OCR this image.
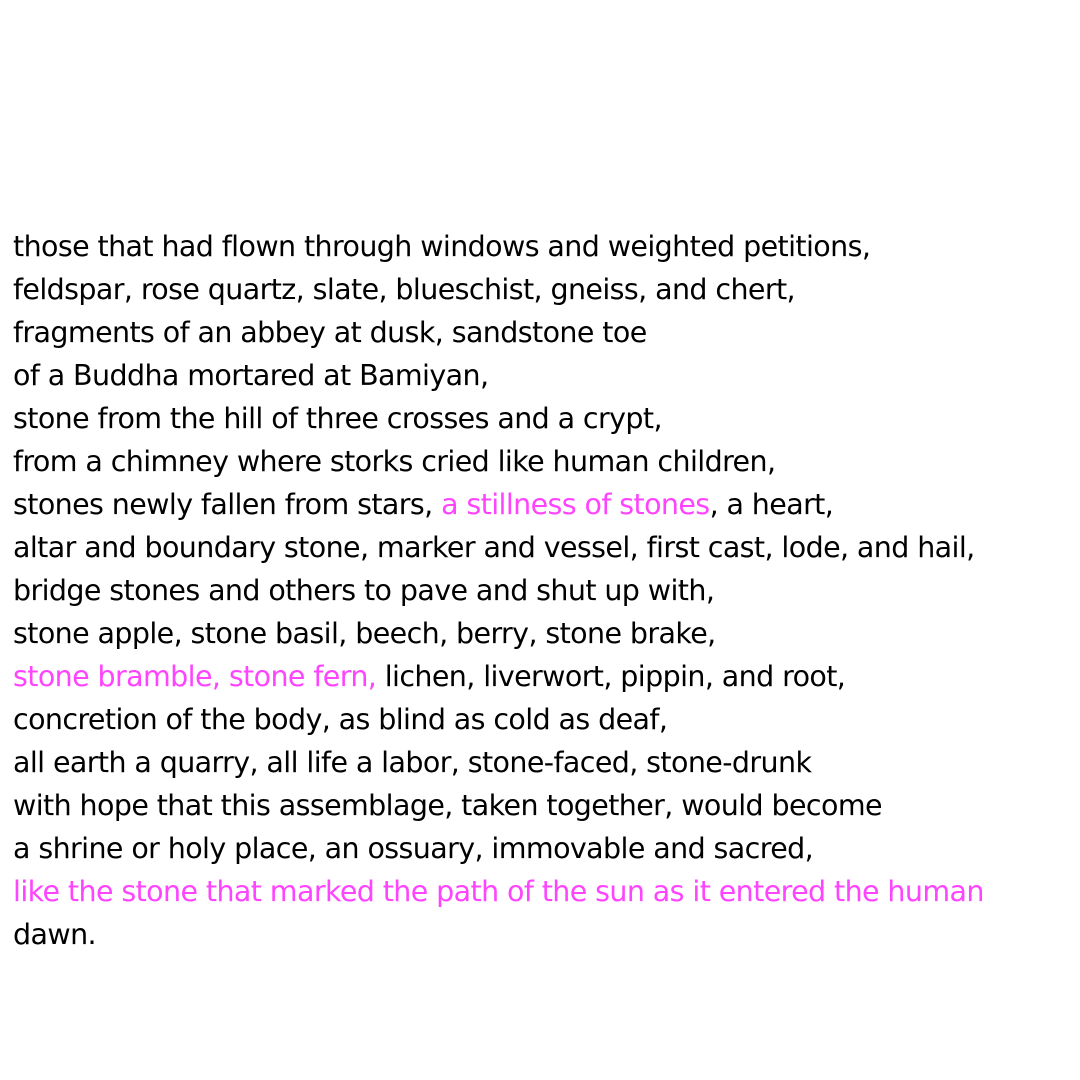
those that had flown through windows and weighted petitions,
feldspar, rose quartz, slate, blueschist, gneiss, and chert,
fragments of an abbey at dusk, sandstone toe
of a Buddha mortared at Bamiyan,
stone from the hill of three crosses and a crypt,
from a chimney where storks cried like human children,
stones newly fallen from stars, a stillness of stones, a heart,
altar and boundary stone, marker and vessel, first cast, lode, and hail,
bridge stones and others to pave and shut up with,
stone apple, stone basil, beech, berry, stone brake,
stone bramble, stone fern, lichen, liverwort, pippin, and root,
concretion of the body, as blind as cold as deaf,
all earth a quarry, all life a labor, stone-faced, stone-drunk
with hope that this assemblage, taken together, would become
a shrine or holy place, an ossuary, immovable and sacred,
like the stone that marked the path of the sun as it entered the human
dawn.
